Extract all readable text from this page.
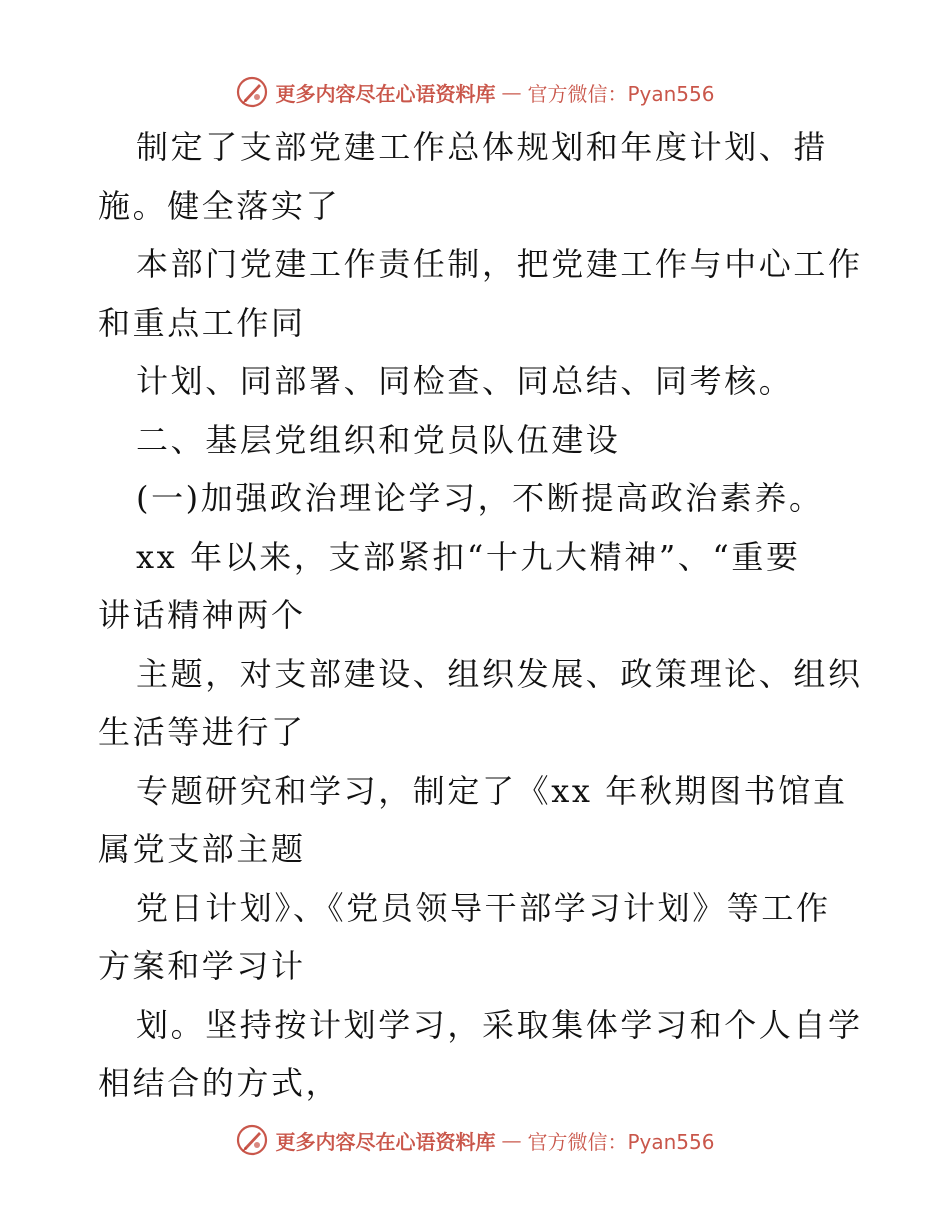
更多内容尽在心语资料库 — 官方微信：Pyan556
制定了支部党建工作总体规划和年度计划、措
施。健全落实了
本部门党建工作责任制，把党建工作与中心工作
和重点工作同
计划、同部署、同检查、同总结、同考核。
二、基层党组织和党员队伍建设
(一)加强政治理论学习，不断提高政治素养。
xx 年以来，支部紧扣“十九大精神”、“重要
讲话精神两个
主题，对支部建设、组织发展、政策理论、组织
生活等进行了
专题研究和学习，制定了《xx 年秋期图书馆直
属党支部主题
党日计划》、《党员领导干部学习计划》等工作
方案和学习计
划。坚持按计划学习，采取集体学习和个人自学
相结合的方式，
更多内容尽在心语资料库 — 官方微信：Pyan556
